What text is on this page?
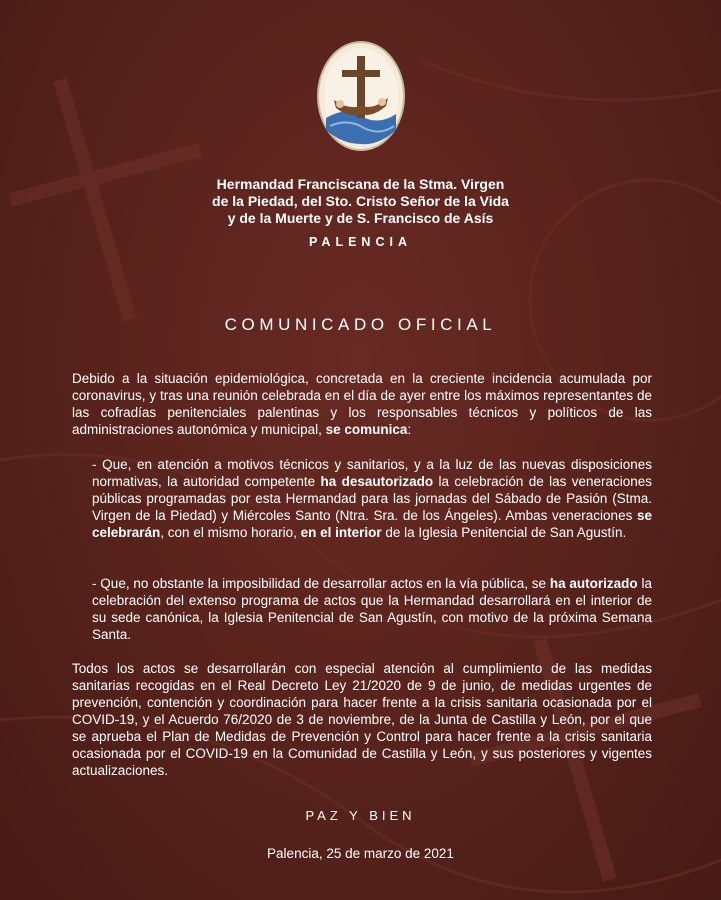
Hermandad Franciscana de la Stma. Virgen
de la Piedad, del Sto. Cristo Señor de la Vida
y de la Muerte y de S. Francisco de Asís
PALENCIA
COMUNICADO OFICIAL

Debido a la situación epidemiológica, concretada en la creciente incidencia acumulada por coronavirus, y tras una reunión celebrada en el día de ayer entre los máximos representantes de las cofradías penitenciales palentinas y los responsables técnicos y políticos de las administraciones autonómica y municipal, se comunica:

- Que, en atención a motivos técnicos y sanitarios, y a la luz de las nuevas disposiciones normativas, la autoridad competente ha desautorizado la celebración de las veneraciones públicas programadas por esta Hermandad para las jornadas del Sábado de Pasión (Stma. Virgen de la Piedad) y Miércoles Santo (Ntra. Sra. de los Ángeles). Ambas veneraciones se celebrarán, con el mismo horario, en el interior de la Iglesia Penitencial de San Agustín.

- Que, no obstante la imposibilidad de desarrollar actos en la vía pública, se ha autorizado la celebración del extenso programa de actos que la Hermandad desarrollará en el interior de su sede canónica, la Iglesia Penitencial de San Agustín, con motivo de la próxima Semana Santa.

Todos los actos se desarrollarán con especial atención al cumplimiento de las medidas sanitarias recogidas en el Real Decreto Ley 21/2020 de 9 de junio, de medidas urgentes de prevención, contención y coordinación para hacer frente a la crisis sanitaria ocasionada por el COVID-19, y el Acuerdo 76/2020 de 3 de noviembre, de la Junta de Castilla y León, por el que se aprueba el Plan de Medidas de Prevención y Control para hacer frente a la crisis sanitaria ocasionada por el COVID-19 en la Comunidad de Castilla y León, y sus posteriores y vigentes actualizaciones.

PAZ Y BIEN
Palencia, 25 de marzo de 2021
